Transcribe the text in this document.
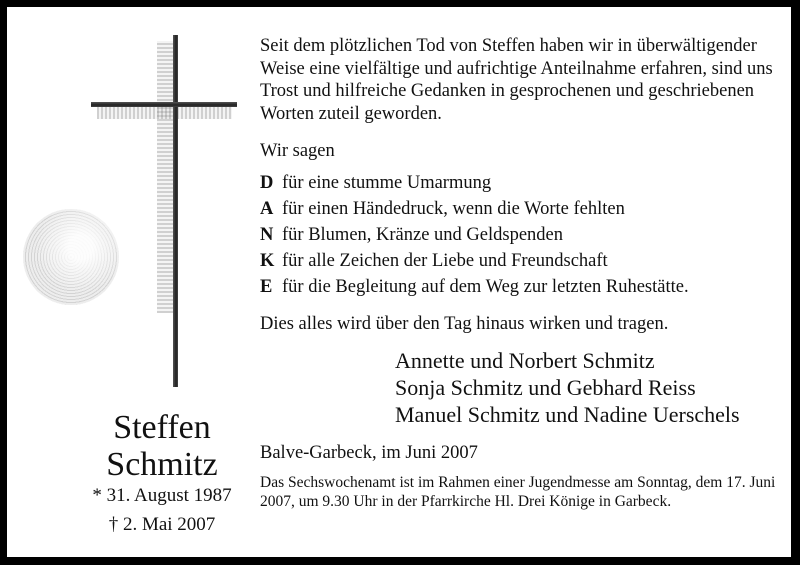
Steffen
Schmitz
* 31. August 1987
† 2. Mai 2007

Seit dem plötzlichen Tod von Steffen haben wir in überwältigender Weise eine vielfältige und aufrichtige Anteilnahme erfahren, sind uns Trost und hilfreiche Gedanken in gesprochenen und geschriebenen Worten zuteil geworden.

Wir sagen
D für eine stumme Umarmung
A für einen Händedruck, wenn die Worte fehlten
N für Blumen, Kränze und Geldspenden
K für alle Zeichen der Liebe und Freundschaft
E für die Begleitung auf dem Weg zur letzten Ruhestätte.
Dies alles wird über den Tag hinaus wirken und tragen.
Annette und Norbert Schmitz
Sonja Schmitz und Gebhard Reiss
Manuel Schmitz und Nadine Uerschels
Balve-Garbeck, im Juni 2007

Das Sechswochenamt ist im Rahmen einer Jugendmesse am Sonntag, dem 17. Juni 2007, um 9.30 Uhr in der Pfarrkirche Hl. Drei Könige in Garbeck.
